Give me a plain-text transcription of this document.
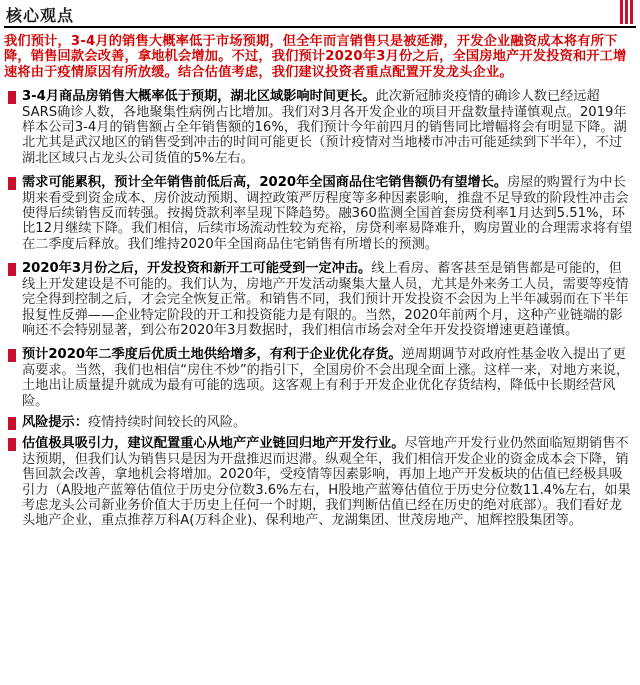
核心观点
我们预计，3-4月的销售大概率低于市场预期，但全年而言销售只是被延滞，开发企业融资成本将有所下降，销售回款会改善，拿地机会增加。不过，我们预计2020年3月份之后，全国房地产开发投资和开工增速将由于疫情原因有所放缓。结合估值考虑，我们建议投资者重点配置开发龙头企业。
3-4月商品房销售大概率低于预期，湖北区域影响时间更长。此次新冠肺炎疫情的确诊人数已经远超SARS确诊人数，各地聚集性病例占比增加。我们对3月各开发企业的项目开盘数量持谨慎观点。2019年样本公司3-4月的销售额占全年销售额的16%，我们预计今年前四月的销售同比增幅将会有明显下降。湖北尤其是武汉地区的销售受到冲击的时间可能更长（预计疫情对当地楼市冲击可能延续到下半年），不过湖北区域只占龙头公司货值的5%左右。
需求可能累积，预计全年销售前低后高，2020年全国商品住宅销售额仍有望增长。房屋的购置行为中长期来看受到资金成本、房价波动预期、调控政策严厉程度等多种因素影响，推盘不足导致的阶段性冲击会使得后续销售反而转强。按揭贷款利率呈现下降趋势。融360监测全国首套房贷利率1月达到5.51%，环比12月继续下降。我们相信，后续市场流动性较为充裕，房贷利率易降难升，购房置业的合理需求将有望在二季度后释放。我们维持2020年全国商品住宅销售有所增长的预测。
2020年3月份之后，开发投资和新开工可能受到一定冲击。线上看房、蓄客甚至是销售都是可能的，但线上开发建设是不可能的。我们认为，房地产开发活动聚集大量人员，尤其是外来务工人员，需要等疫情完全得到控制之后，才会完全恢复正常。和销售不同，我们预计开发投资不会因为上半年减弱而在下半年报复性反弹——企业特定阶段的开工和投资能力是有限的。当然，2020年前两个月，这种产业链端的影响还不会特别显著，到公布2020年3月数据时，我们相信市场会对全年开发投资增速更趋谨慎。
预计2020年二季度后优质土地供给增多，有利于企业优化存货。逆周期调节对政府性基金收入提出了更高要求。当然，我们也相信“房住不炒”的指引下，全国房价不会出现全面上涨。这样一来，对地方来说，土地出让质量提升就成为最有可能的选项。这客观上有利于开发企业优化存货结构，降低中长期经营风险。
风险提示：疫情持续时间较长的风险。
估值极具吸引力，建议配置重心从地产产业链回归地产开发行业。尽管地产开发行业仍然面临短期销售不达预期，但我们认为销售只是因为开盘推迟而迟滞。纵观全年，我们相信开发企业的资金成本会下降，销售回款会改善，拿地机会将增加。2020年，受疫情等因素影响，再加上地产开发板块的估值已经极具吸引力（A股地产蓝筹估值位于历史分位数3.6%左右，H股地产蓝筹估值位于历史分位数11.4%左右，如果考虑龙头公司新业务价值大于历史上任何一个时期，我们判断估值已经在历史的绝对底部）。我们看好龙头地产企业，重点推荐万科A(万科企业)、保利地产、龙湖集团、世茂房地产、旭辉控股集团等。
